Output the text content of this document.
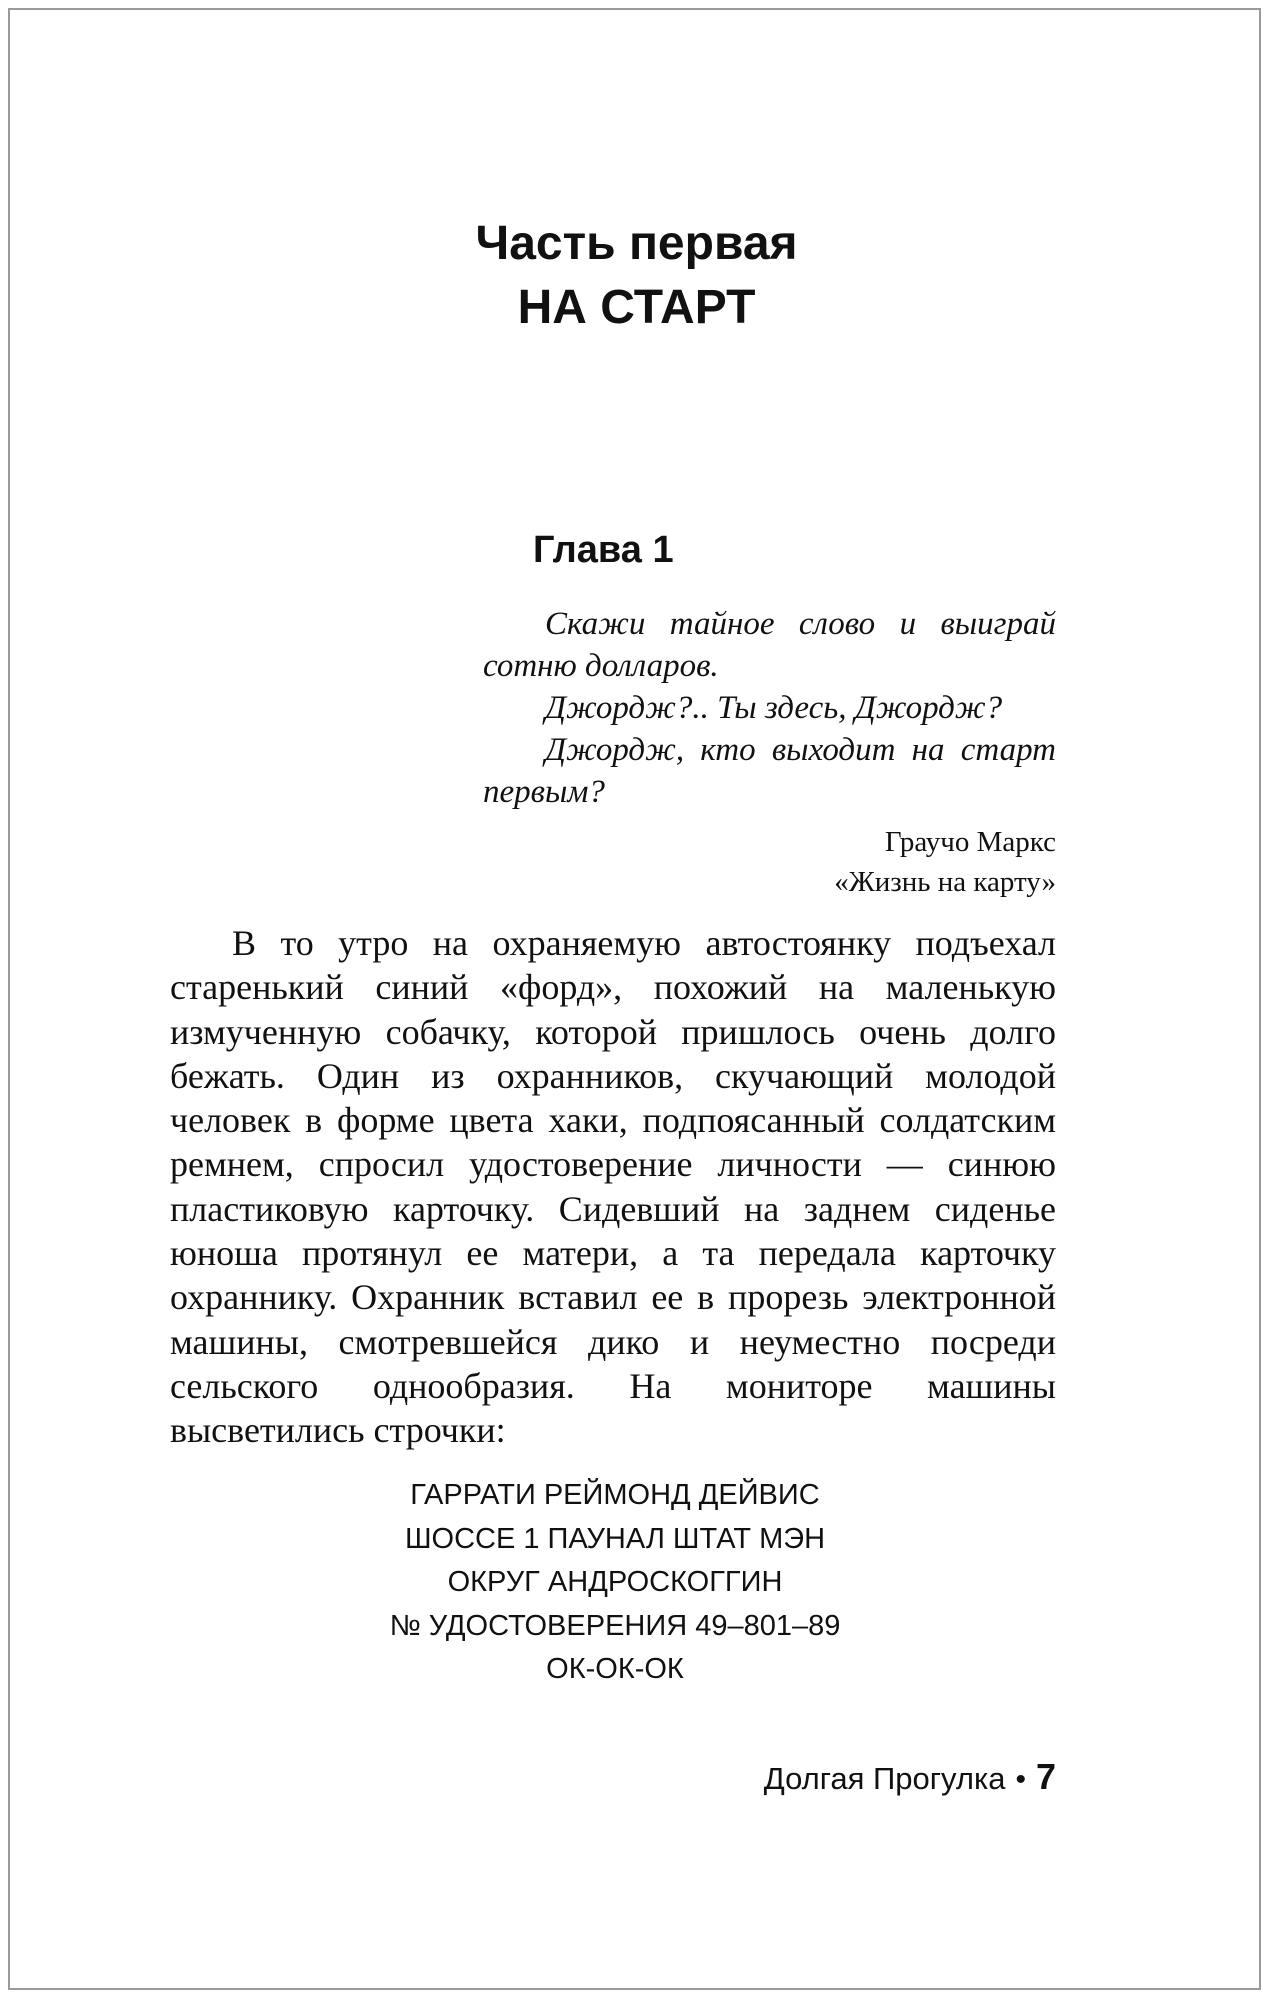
Часть первая
НА СТАРТ
Глава 1

Скажи тайное слово и выиграй сотню долларов.

Джордж?.. Ты здесь, Джордж?

Джордж, кто выходит на старт первым?

Граучо Маркс
«Жизнь на карту»

В то утро на охраняемую автостоянку подъехал старенький синий «форд», похожий на маленькую измученную собачку, которой пришлось очень долго бежать. Один из охранников, скучающий молодой человек в форме цвета хаки, подпоясанный солдатским ремнем, спросил удостоверение личности — синюю пластиковую карточку. Сидевший на заднем сиденье юноша протянул ее матери, а та передала карточку охраннику. Охранник вставил ее в прорезь электронной машины, смотревшейся дико и неуместно посреди сельского однообразия. На мониторе машины высветились строчки:

ГАРРАТИ РЕЙМОНД ДЕЙВИС
ШОССЕ 1 ПАУНАЛ ШТАТ МЭН
ОКРУГ АНДРОСКОГГИН
№ УДОСТОВЕРЕНИЯ 49–801–89
ОК-ОК-ОК
Долгая Прогулка • 7
